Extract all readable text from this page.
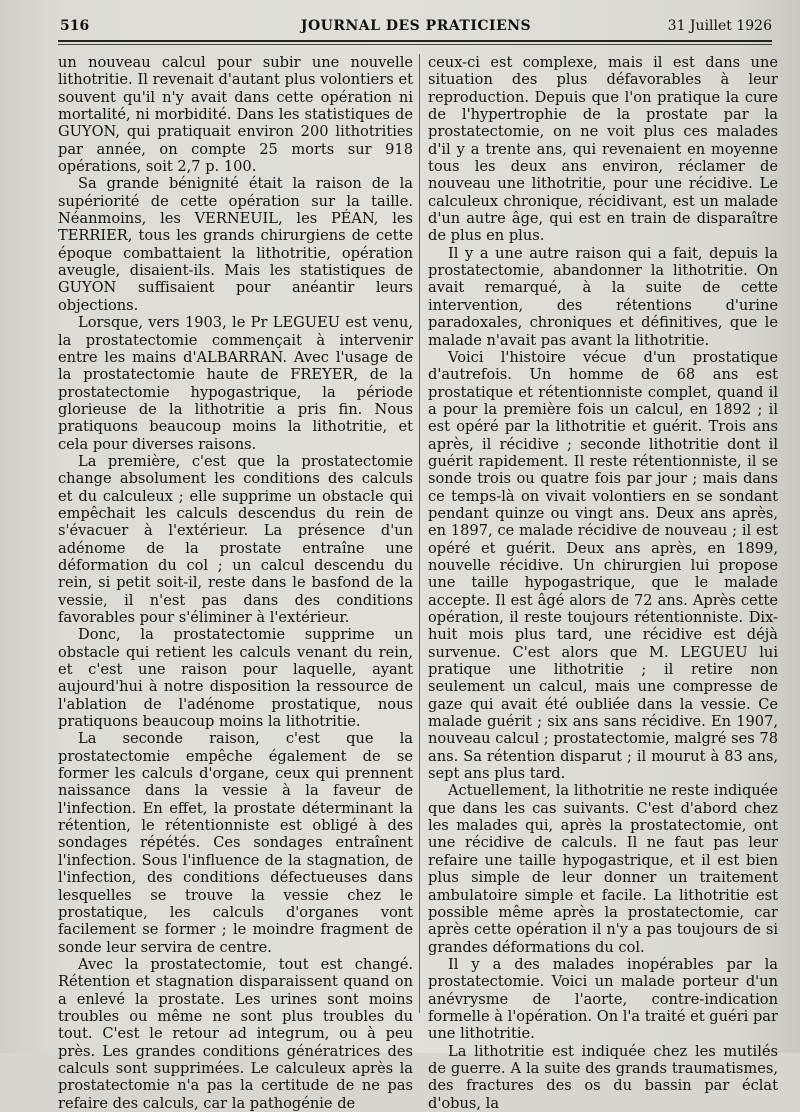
516	JOURNAL DES PRATICIENS	31 Juillet 1926

un nouveau calcul pour subir une nouvelle lithotritie. Il revenait d'autant plus volontiers et souvent qu'il n'y avait dans cette opération ni mortalité, ni morbidité. Dans les statistiques de GUYON, qui pratiquait environ 200 lithotrities par année, on compte 25 morts sur 918 opérations, soit 2,7 p. 100.

Sa grande bénignité était la raison de la supériorité de cette opération sur la taille. Néanmoins, les VERNEUIL, les PÉAN, les TERRIER, tous les grands chirurgiens de cette époque combattaient la lithotritie, opération aveugle, disaient-ils. Mais les statistiques de GUYON suffisaient pour anéantir leurs objections.

Lorsque, vers 1903, le Pr LEGUEU est venu, la prostatectomie commençait à intervenir entre les mains d'ALBARRAN. Avec l'usage de la prostatectomie haute de FREYER, de la prostatectomie hypogastrique, la période glorieuse de la lithotritie a pris fin. Nous pratiquons beaucoup moins la lithotritie, et cela pour diverses raisons.

La première, c'est que la prostatectomie change absolument les conditions des calculs et du calculeux ; elle supprime un obstacle qui empêchait les calculs descendus du rein de s'évacuer à l'extérieur. La présence d'un adénome de la prostate entraîne une déformation du col ; un calcul descendu du rein, si petit soit-il, reste dans le basfond de la vessie, il n'est pas dans des conditions favorables pour s'éliminer à l'extérieur.

Donc, la prostatectomie supprime un obstacle qui retient les calculs venant du rein, et c'est une raison pour laquelle, ayant aujourd'hui à notre disposition la ressource de l'ablation de l'adénome prostatique, nous pratiquons beaucoup moins la lithotritie.

La seconde raison, c'est que la prostatectomie empêche également de se former les calculs d'organe, ceux qui prennent naissance dans la vessie à la faveur de l'infection. En effet, la prostate déterminant la rétention, le rétentionniste est obligé à des sondages répétés. Ces sondages entraînent l'infection. Sous l'influence de la stagnation, de l'infection, des conditions défectueuses dans lesquelles se trouve la vessie chez le prostatique, les calculs d'organes vont facilement se former ; le moindre fragment de sonde leur servira de centre.

Avec la prostatectomie, tout est changé. Rétention et stagnation disparaissent quand on a enlevé la prostate. Les urines sont moins troubles ou même ne sont plus troubles du tout. C'est le retour ad integrum, ou à peu près. Les grandes conditions génératrices des calculs sont supprimées. Le calculeux après la prostatectomie n'a pas la certitude de ne pas refaire des calculs, car la pathogénie de

ceux-ci est complexe, mais il est dans une situation des plus défavorables à leur reproduction. Depuis que l'on pratique la cure de l'hypertrophie de la prostate par la prostatectomie, on ne voit plus ces malades d'il y a trente ans, qui revenaient en moyenne tous les deux ans environ, réclamer de nouveau une lithotritie, pour une récidive. Le calculeux chronique, récidivant, est un malade d'un autre âge, qui est en train de disparaître de plus en plus.

Il y a une autre raison qui a fait, depuis la prostatectomie, abandonner la lithotritie. On avait remarqué, à la suite de cette intervention, des rétentions d'urine paradoxales, chroniques et définitives, que le malade n'avait pas avant la lithotritie.

Voici l'histoire vécue d'un prostatique d'autrefois. Un homme de 68 ans est prostatique et rétentionniste complet, quand il a pour la première fois un calcul, en 1892 ; il est opéré par la lithotritie et guérit. Trois ans après, il récidive ; seconde lithotritie dont il guérit rapidement. Il reste rétentionniste, il se sonde trois ou quatre fois par jour ; mais dans ce temps-là on vivait volontiers en se sondant pendant quinze ou vingt ans. Deux ans après, en 1897, ce malade récidive de nouveau ; il est opéré et guérit. Deux ans après, en 1899, nouvelle récidive. Un chirurgien lui propose une taille hypogastrique, que le malade accepte. Il est âgé alors de 72 ans. Après cette opération, il reste toujours rétentionniste. Dix-huit mois plus tard, une récidive est déjà survenue. C'est alors que M. LEGUEU lui pratique une lithotritie ; il retire non seulement un calcul, mais une compresse de gaze qui avait été oubliée dans la vessie. Ce malade guérit ; six ans sans récidive. En 1907, nouveau calcul ; prostatectomie, malgré ses 78 ans. Sa rétention disparut ; il mourut à 83 ans, sept ans plus tard.

Actuellement, la lithotritie ne reste indiquée que dans les cas suivants. C'est d'abord chez les malades qui, après la prostatectomie, ont une récidive de calculs. Il ne faut pas leur refaire une taille hypogastrique, et il est bien plus simple de leur donner un traitement ambulatoire simple et facile. La lithotritie est possible même après la prostatectomie, car après cette opération il n'y a pas toujours de si grandes déformations du col.

Il y a des malades inopérables par la prostatectomie. Voici un malade porteur d'un anévrysme de l'aorte, contre-indication formelle à l'opération. On l'a traité et guéri par une lithotritie.

La lithotritie est indiquée chez les mutilés de guerre. A la suite des grands traumatismes, des fractures des os du bassin par éclat d'obus, la
